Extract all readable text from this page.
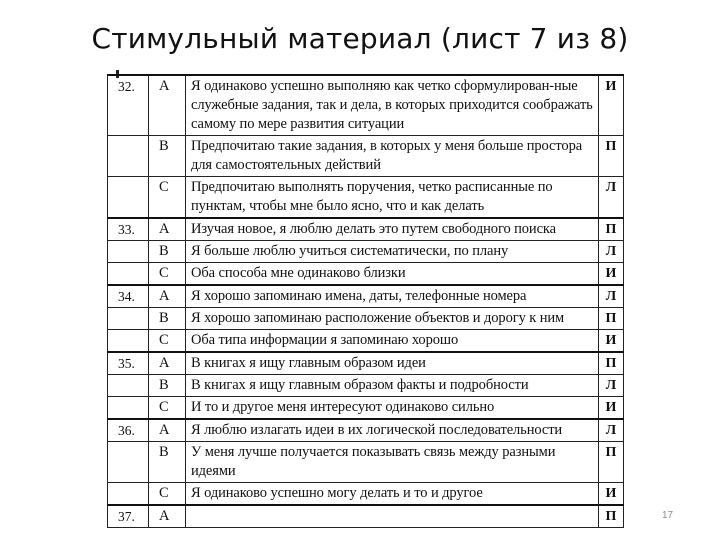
Стимульный материал (лист 7 из 8)
32.	A	Я одинаково успешно выполняю как четко сформулирован-ные служебные задания, так и дела, в которых приходится соображать самому по мере развития ситуации	И
	B	Предпочитаю такие задания, в которых у меня больше простора для самостоятельных действий	П
	C	Предпочитаю выполнять поручения, четко расписанные по пунктам, чтобы мне было ясно, что и как делать	Л
33.	A	Изучая новое, я люблю делать это путем свободного поиска	П
	B	Я больше люблю учиться систематически, по плану	Л
	C	Оба способа мне одинаково близки	И
34.	A	Я хорошо запоминаю имена, даты, телефонные номера	Л
	B	Я хорошо запоминаю расположение объектов и дорогу к ним	П
	C	Оба типа информации я запоминаю хорошо	И
35.	A	В книгах я ищу главным образом идеи	П
	B	В книгах я ищу главным образом факты и подробности	Л
	C	И то и другое меня интересуют одинаково сильно	И
36.	A	Я люблю излагать идеи в их логической последовательности	Л
	B	У меня лучше получается показывать связь между разными идеями	П
	C	Я одинаково успешно могу делать и то и другое	И
37.	A		П	17
